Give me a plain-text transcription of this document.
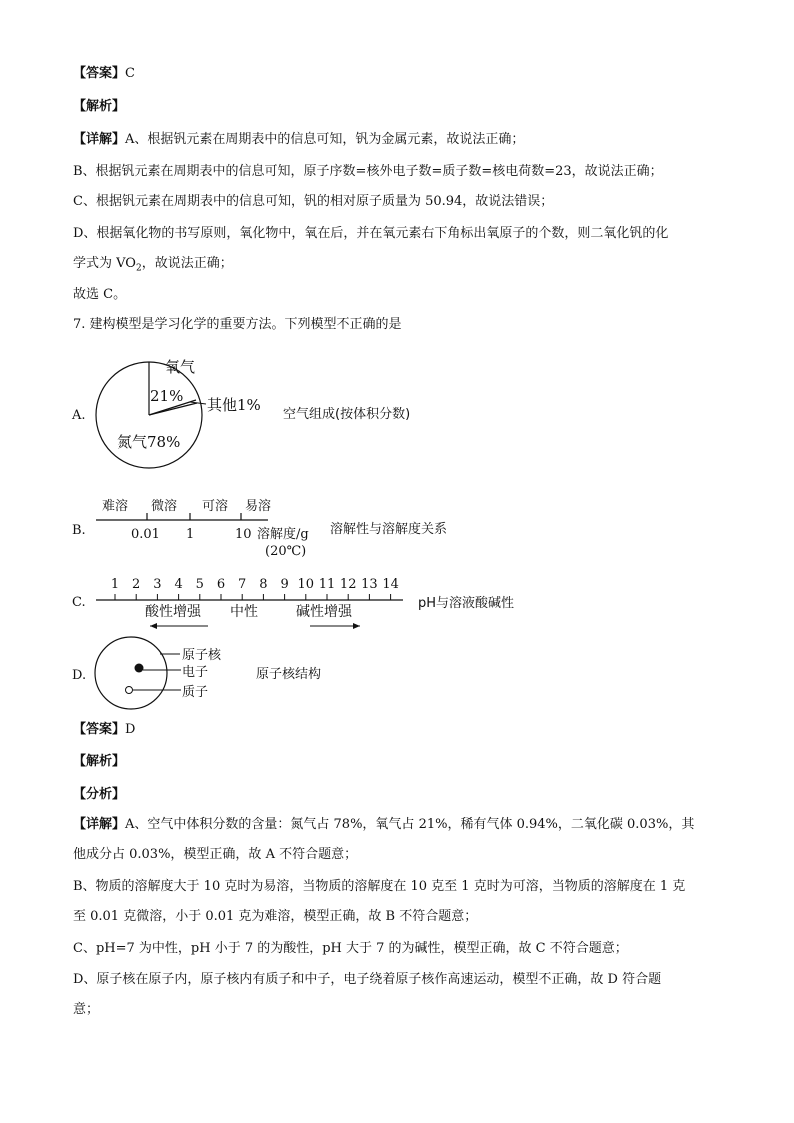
【答案】C
【解析】
【详解】A、根据钒元素在周期表中的信息可知，钒为金属元素，故说法正确；
B、根据钒元素在周期表中的信息可知，原子序数=核外电子数=质子数=核电荷数=23，故说法正确；
C、根据钒元素在周期表中的信息可知，钒的相对原子质量为 50.94，故说法错误；
D、根据氧化物的书写原则，氧化物中，氧在后，并在氧元素右下角标出氧原子的个数，则二氧化钒的化
学式为 $VO_2$，故说法正确；
故选 C。
7. 建构模型是学习化学的重要方法。下列模型不正确的是
A.
氧气
21% 其他1%
氮气78%
空气组成(按体积分数)
B.
难溶 微溶 可溶 易溶
0.01 1	10 溶解度/g
(20℃)
溶解性与溶解度关系
C.
1 2 3 4 5 6 7 8 9 10 11 12 13 14
酸性增强 中性	碱性增强
pH与溶液酸碱性
D.
原子核
电子
质子
原子核结构
【答案】D
【解析】
【分析】
【详解】A、空气中体积分数的含量：氮气占 78%，氧气占 21%，稀有气体 0.94%，二氧化碳 0.03%，其
他成分占 0.03%，模型正确，故 A 不符合题意；
B、物质的溶解度大于 10 克时为易溶，当物质的溶解度在 10 克至 1 克时为可溶，当物质的溶解度在 1 克
至 0.01 克微溶，小于 0.01 克为难溶，模型正确，故 B 不符合题意；
C、pH=7 为中性，pH 小于 7 的为酸性，pH 大于 7 的为碱性，模型正确，故 C 不符合题意；
D、原子核在原子内，原子核内有质子和中子，电子绕着原子核作高速运动，模型不正确，故 D 符合题
意；
